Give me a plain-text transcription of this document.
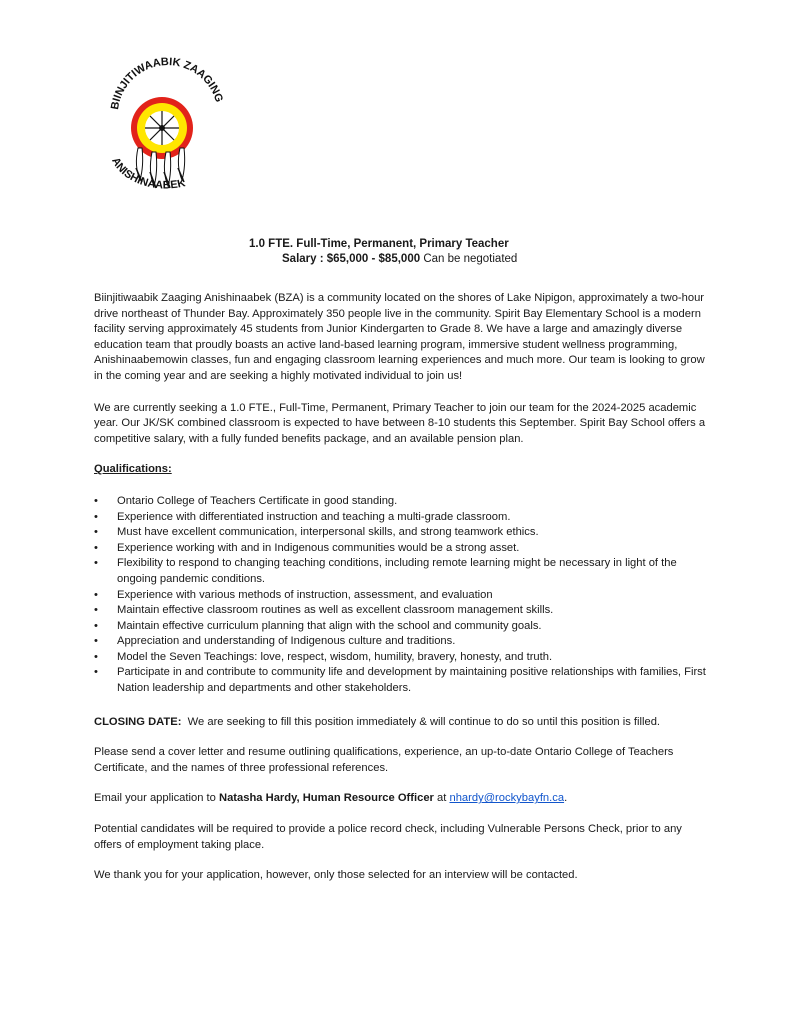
BIINJITIWAABIK ZAAGING
ANISHINAABEK
1.0 FTE. Full-Time, Permanent, Primary Teacher
Salary : $65,000 - $85,000 Can be negotiated

Biinjitiwaabik Zaaging Anishinaabek (BZA) is a community located on the shores of Lake Nipigon, approximately a two-hour drive northeast of Thunder Bay. Approximately 350 people live in the community. Spirit Bay Elementary School is a modern facility serving approximately 45 students from Junior Kindergarten to Grade 8. We have a large and amazingly diverse education team that proudly boasts an active land-based learning program, immersive student wellness programming, Anishinaabemowin classes, fun and engaging classroom learning experiences and much more. Our team is looking to grow in the coming year and are seeking a highly motivated individual to join us!

We are currently seeking a 1.0 FTE., Full-Time, Permanent, Primary Teacher to join our team for the 2024-2025 academic year. Our JK/SK combined classroom is expected to have between 8-10 students this September. Spirit Bay School offers a competitive salary, with a fully funded benefits package, and an available pension plan.

Qualifications:

• Ontario College of Teachers Certificate in good standing.
• Experience with differentiated instruction and teaching a multi-grade classroom.
• Must have excellent communication, interpersonal skills, and strong teamwork ethics.
• Experience working with and in Indigenous communities would be a strong asset.
• Flexibility to respond to changing teaching conditions, including remote learning might be necessary in light of the ongoing pandemic conditions.
• Experience with various methods of instruction, assessment, and evaluation
• Maintain effective classroom routines as well as excellent classroom management skills.
• Maintain effective curriculum planning that align with the school and community goals.
• Appreciation and understanding of Indigenous culture and traditions.
• Model the Seven Teachings: love, respect, wisdom, humility, bravery, honesty, and truth.
• Participate in and contribute to community life and development by maintaining positive relationships with families, First Nation leadership and departments and other stakeholders.

CLOSING DATE: We are seeking to fill this position immediately & will continue to do so until this position is filled.

Please send a cover letter and resume outlining qualifications, experience, an up-to-date Ontario College of Teachers Certificate, and the names of three professional references.

Email your application to Natasha Hardy, Human Resource Officer at nhardy@rockybayfn.ca.

Potential candidates will be required to provide a police record check, including Vulnerable Persons Check, prior to any offers of employment taking place.

We thank you for your application, however, only those selected for an interview will be contacted.
